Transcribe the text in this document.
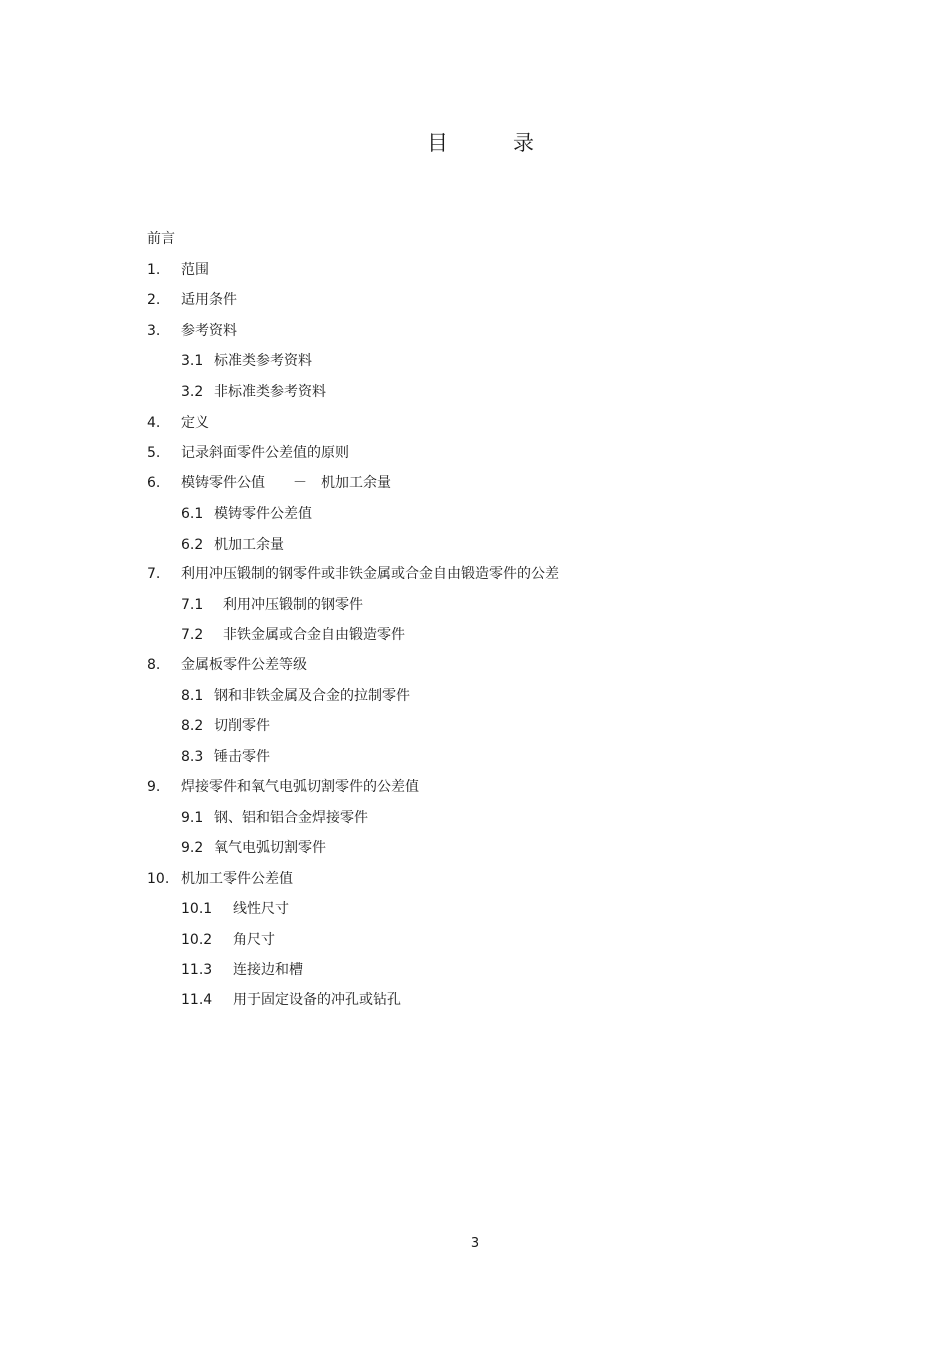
目　录
前言
1. 范围
2. 适用条件
3. 参考资料
3.1 标准类参考资料
3.2 非标准类参考资料
4. 定义
5. 记录斜面零件公差值的原则
6. 模铸零件公值　　－　机加工余量
6.1 模铸零件公差值
6.2 机加工余量
7. 利用冲压锻制的钢零件或非铁金属或合金自由锻造零件的公差
7.1 利用冲压锻制的钢零件
7.2 非铁金属或合金自由锻造零件
8. 金属板零件公差等级
8.1 钢和非铁金属及合金的拉制零件
8.2 切削零件
8.3 锤击零件
9. 焊接零件和氧气电弧切割零件的公差值
9.1 钢、铝和铝合金焊接零件
9.2 氧气电弧切割零件
10. 机加工零件公差值
10.1 线性尺寸
10.2 角尺寸
11.3 连接边和槽
11.4 用于固定设备的冲孔或钻孔
3
